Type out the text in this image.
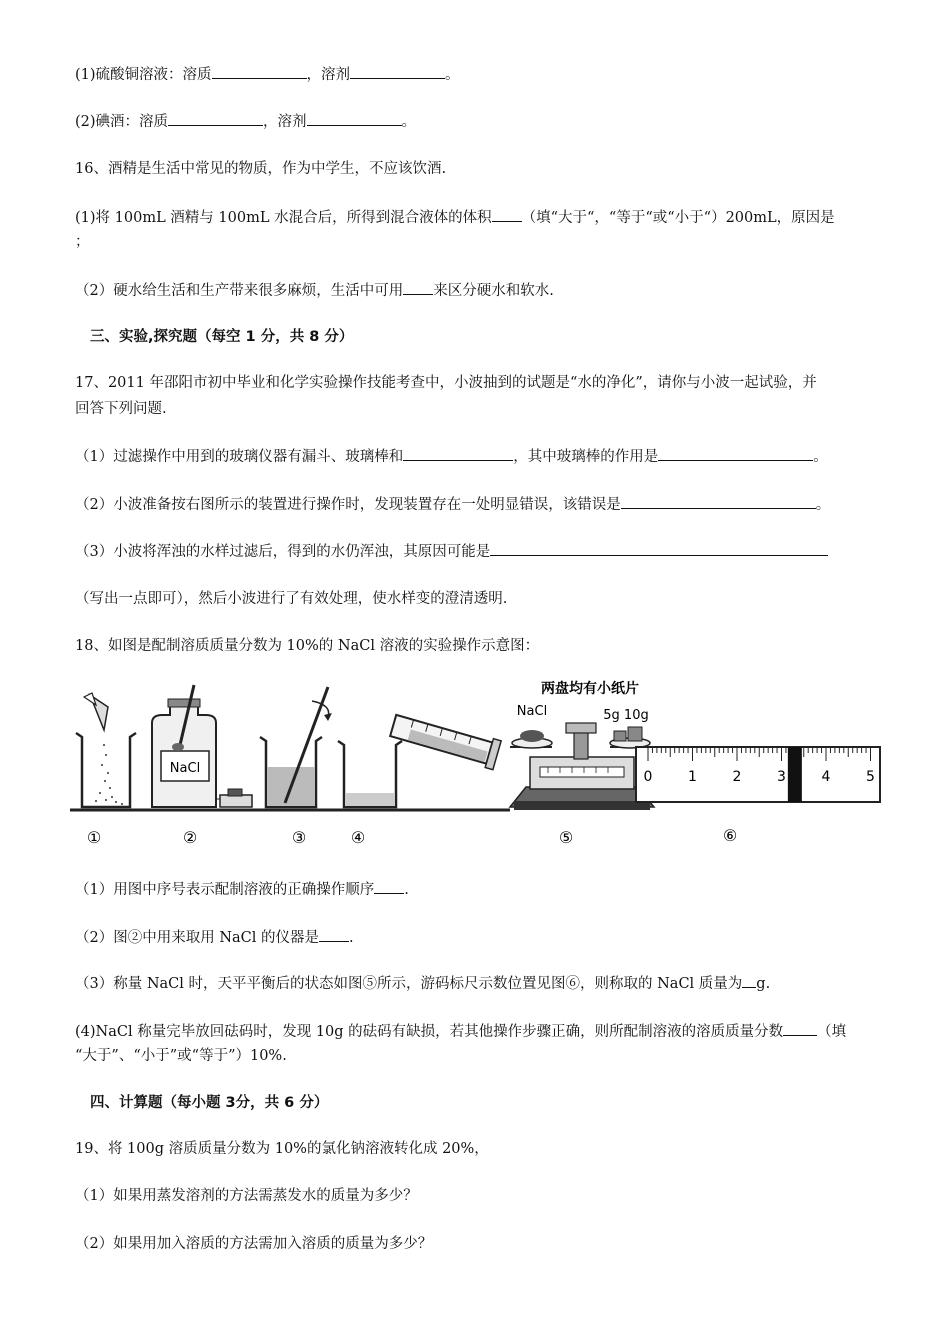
(1)硫酸铜溶液：溶质	，溶剂	。
(2)碘酒：溶质	，溶剂	。
16、酒精是生活中常见的物质，作为中学生，不应该饮酒.
(1)将 100mL 酒精与 100mL 水混合后，所得到混合液体的体积 （填“大于“，“等于“或“小于“）200mL，原因是
；
（2）硬水给生活和生产带来很多麻烦，生活中可用 来区分硬水和软水.
三、实验,探究题（每空 1 分，共 8 分）
17、2011 年邵阳市初中毕业和化学实验操作技能考查中，小波抽到的试题是“水的净化”，请你与小波一起试验，并
回答下列问题.
（1）过滤操作中用到的玻璃仪器有漏斗、玻璃棒和	，其中玻璃棒的作用是	。
（2）小波准备按右图所示的装置进行操作时，发现装置存在一处明显错误，该错误是	。
（3）小波将浑浊的水样过滤后，得到的水仍浑浊，其原因可能是
（写出一点即可），然后小波进行了有效处理，使水样变的澄清透明.
18、如图是配制溶质质量分数为 10%的 NaCl 溶液的实验操作示意图：
NaCl
两盘均有小纸片
NaCl	5g 10g
0	1	2	3	4	5
①	②	③	④	⑤	⑥
（1）用图中序号表示配制溶液的正确操作顺序 .
（2）图②中用来取用 NaCl 的仪器是 .
（3）称量 NaCl 时，天平平衡后的状态如图⑤所示，游码标尺示数位置见图⑥，则称取的 NaCl 质量为 g.
(4)NaCl 称量完毕放回砝码时，发现 10g 的砝码有缺损，若其他操作步骤正确，则所配制溶液的溶质质量分数 （填
“大于”、“小于”或“等于”）10%.
四、计算题（每小题 3分，共 6 分）
19、将 100g 溶质质量分数为 10%的氯化钠溶液转化成 20%，
（1）如果用蒸发溶剂的方法需蒸发水的质量为多少？
（2）如果用加入溶质的方法需加入溶质的质量为多少？
